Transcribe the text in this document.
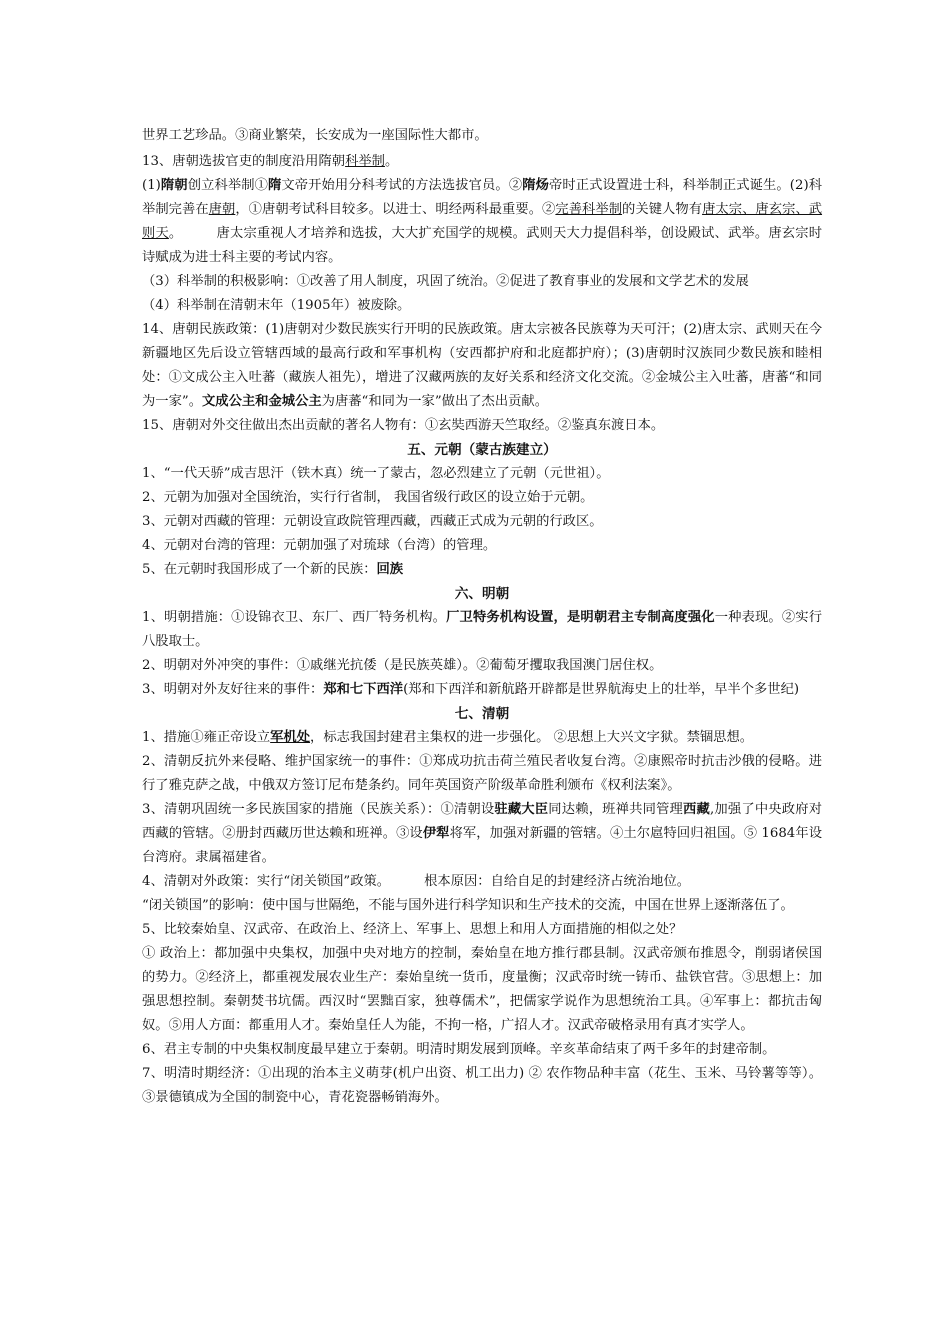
世界工艺珍品。③商业繁荣，长安成为一座国际性大都市。

13、唐朝选拔官吏的制度沿用隋朝科举制。

(1)隋朝创立科举制①隋文帝开始用分科考试的方法选拔官员。②隋炀帝时正式设置进士科，科举制正式诞生。(2)科举制完善在唐朝，①唐朝考试科目较多。以进士、明经两科最重要。②完善科举制的关键人物有唐太宗、唐玄宗、武则天。	唐太宗重视人才培养和选拔，大大扩充国学的规模。武则天大力提倡科举，创设殿试、武举。唐玄宗时诗赋成为进士科主要的考试内容。

（3）科举制的积极影响：①改善了用人制度，巩固了统治。②促进了教育事业的发展和文学艺术的发展

（4）科举制在清朝末年（1905年）被废除。

14、唐朝民族政策：(1)唐朝对少数民族实行开明的民族政策。唐太宗被各民族尊为天可汗；(2)唐太宗、武则天在今新疆地区先后设立管辖西域的最高行政和军事机构（安西都护府和北庭都护府）；(3)唐朝时汉族同少数民族和睦相处：①文成公主入吐蕃（藏族人祖先），增进了汉藏两族的友好关系和经济文化交流。②金城公主入吐蕃，唐蕃“和同为一家”。文成公主和金城公主为唐蕃“和同为一家”做出了杰出贡献。

15、唐朝对外交往做出杰出贡献的著名人物有：①玄奘西游天竺取经。②鉴真东渡日本。

五、元朝（蒙古族建立）

1、“一代天骄”成吉思汗（铁木真）统一了蒙古，忽必烈建立了元朝（元世祖）。

2、元朝为加强对全国统治，实行行省制， 我国省级行政区的设立始于元朝。

3、元朝对西藏的管理：元朝设宣政院管理西藏，西藏正式成为元朝的行政区。

4、元朝对台湾的管理：元朝加强了对琉球（台湾）的管理。

5、在元朝时我国形成了一个新的民族：回族

六、明朝

1、明朝措施：①设锦衣卫、东厂、西厂特务机构。厂卫特务机构设置，是明朝君主专制高度强化一种表现。②实行八股取士。

2、明朝对外冲突的事件：①戚继光抗倭（是民族英雄）。②葡萄牙攫取我国澳门居住权。

3、明朝对外友好往来的事件：郑和七下西洋(郑和下西洋和新航路开辟都是世界航海史上的壮举，早半个多世纪)

七、清朝

1、措施①雍正帝设立军机处，标志我国封建君主集权的进一步强化。 ②思想上大兴文字狱。禁锢思想。

2、清朝反抗外来侵略、维护国家统一的事件：①郑成功抗击荷兰殖民者收复台湾。②康熙帝时抗击沙俄的侵略。进行了雅克萨之战，中俄双方签订尼布楚条约。同年英国资产阶级革命胜利颁布《权利法案》。

3、清朝巩固统一多民族国家的措施（民族关系）：①清朝设驻藏大臣同达赖，班禅共同管理西藏,加强了中央政府对西藏的管辖。②册封西藏历世达赖和班禅。③设伊犁将军，加强对新疆的管辖。④土尔扈特回归祖国。⑤ 1684年设台湾府。隶属福建省。

4、清朝对外政策：实行“闭关锁国”政策。	根本原因：自给自足的封建经济占统治地位。

“闭关锁国”的影响：使中国与世隔绝，不能与国外进行科学知识和生产技术的交流，中国在世界上逐渐落伍了。

5、比较秦始皇、汉武帝、在政治上、经济上、军事上、思想上和用人方面措施的相似之处？

① 政治上：都加强中央集权，加强中央对地方的控制，秦始皇在地方推行郡县制。汉武帝颁布推恩令，削弱诸侯国的势力。②经济上，都重视发展农业生产：秦始皇统一货币，度量衡；汉武帝时统一铸币、盐铁官营。③思想上：加强思想控制。秦朝焚书坑儒。西汉时“罢黜百家，独尊儒术”，把儒家学说作为思想统治工具。④军事上：都抗击匈奴。⑤用人方面：都重用人才。秦始皇任人为能，不拘一格，广招人才。汉武帝破格录用有真才实学人。

6、君主专制的中央集权制度最早建立于秦朝。明清时期发展到顶峰。辛亥革命结束了两千多年的封建帝制。

7、明清时期经济：①出现的治本主义萌芽(机户出资、机工出力) ② 农作物品种丰富（花生、玉米、马铃薯等等）。③景德镇成为全国的制瓷中心，青花瓷器畅销海外。
